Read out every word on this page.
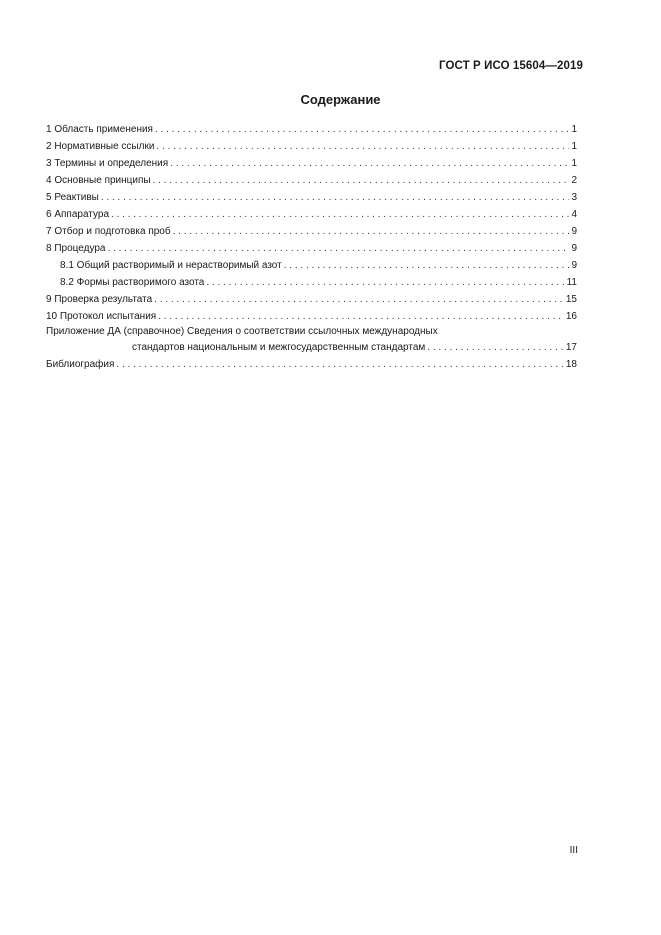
ГОСТ Р ИСО 15604—2019
Содержание
1 Область применения . . .	1
2 Нормативные ссылки . . .	1
3 Термины и определения . . .	1
4 Основные принципы . . .	2
5 Реактивы . . .	3
6 Аппаратура . . .	4
7 Отбор и подготовка проб . . .	9
8 Процедура . . .	9
8.1 Общий растворимый и нерастворимый азот . . .	9
8.2 Формы растворимого азота . . .	11
9 Проверка результата . . .	15
10 Протокол испытания . . .	16
Приложение ДА (справочное) Сведения о соответствии ссылочных международных
стандартов национальным и межгосударственным стандартам . . .	17
Библиография . . .	18
III
